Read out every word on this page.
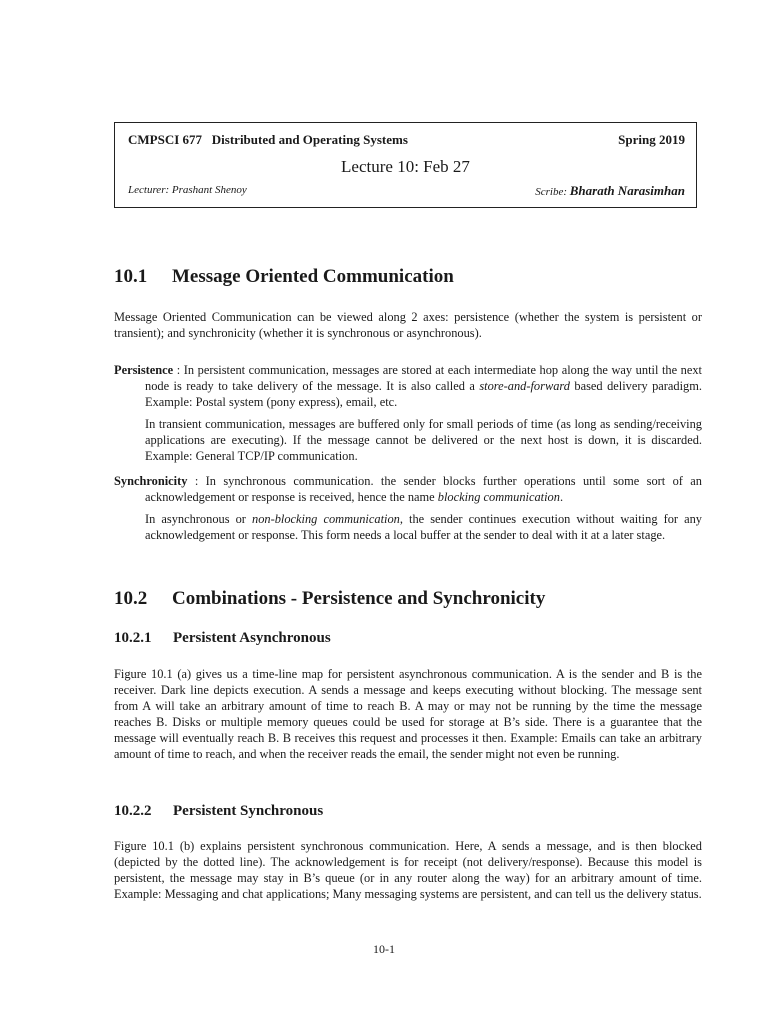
CMPSCI 677 Distributed and Operating Systems	Spring 2019
Lecture 10: Feb 27
Lecturer: Prashant Shenoy	Scribe: Bharath Narasimhan
10.1 Message Oriented Communication

Message Oriented Communication can be viewed along 2 axes: persistence (whether the system is persistent or transient); and synchronicity (whether it is synchronous or asynchronous).

Persistence : In persistent communication, messages are stored at each intermediate hop along the way until the next node is ready to take delivery of the message. It is also called a store-and-forward based delivery paradigm. Example: Postal system (pony express), email, etc.

In transient communication, messages are buffered only for small periods of time (as long as sending/receiving applications are executing). If the message cannot be delivered or the next host is down, it is discarded. Example: General TCP/IP communication.

Synchronicity : In synchronous communication. the sender blocks further operations until some sort of an acknowledgement or response is received, hence the name blocking communication.

In asynchronous or non-blocking communication, the sender continues execution without waiting for any acknowledgement or response. This form needs a local buffer at the sender to deal with it at a later stage.

10.2 Combinations - Persistence and Synchronicity
10.2.1 Persistent Asynchronous

Figure 10.1 (a) gives us a time-line map for persistent asynchronous communication. A is the sender and B is the receiver. Dark line depicts execution. A sends a message and keeps executing without blocking. The message sent from A will take an arbitrary amount of time to reach B. A may or may not be running by the time the message reaches B. Disks or multiple memory queues could be used for storage at B’s side. There is a guarantee that the message will eventually reach B. B receives this request and processes it then. Example: Emails can take an arbitrary amount of time to reach, and when the receiver reads the email, the sender might not even be running.

10.2.2 Persistent Synchronous

Figure 10.1 (b) explains persistent synchronous communication. Here, A sends a message, and is then blocked (depicted by the dotted line). The acknowledgement is for receipt (not delivery/response). Because this model is persistent, the message may stay in B’s queue (or in any router along the way) for an arbitrary amount of time. Example: Messaging and chat applications; Many messaging systems are persistent, and can tell us the delivery status.

10-1
